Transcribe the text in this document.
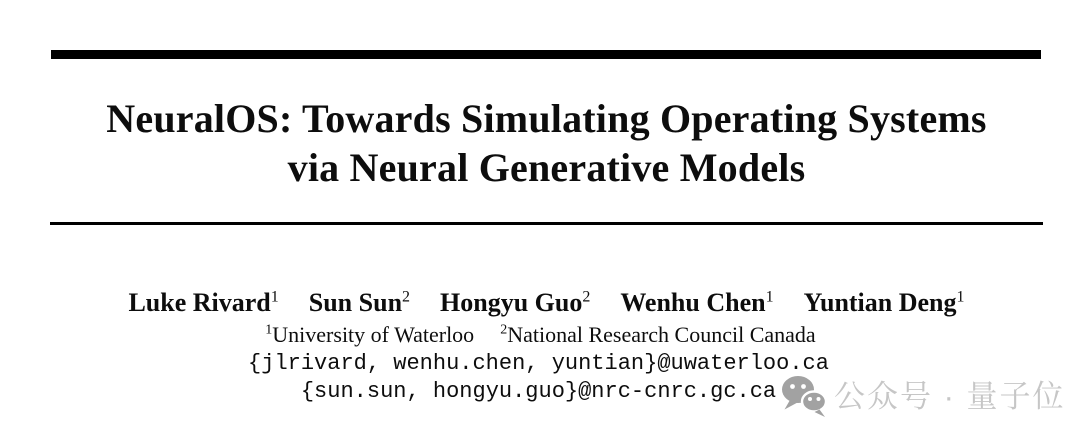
NeuralOS: Towards Simulating Operating Systems
via Neural Generative Models
Luke Rivard$^1$ Sun Sun$^2$ Hongyu Guo$^2$ Wenhu Chen$^1$ Yuntian Deng$^1$
$^1$University of Waterloo $^2$National Research Council Canada
{jlrivard, wenhu.chen, yuntian}@uwaterloo.ca
{sun.sun, hongyu.guo}@nrc-cnrc.gc.ca	公众号 · 量子位
